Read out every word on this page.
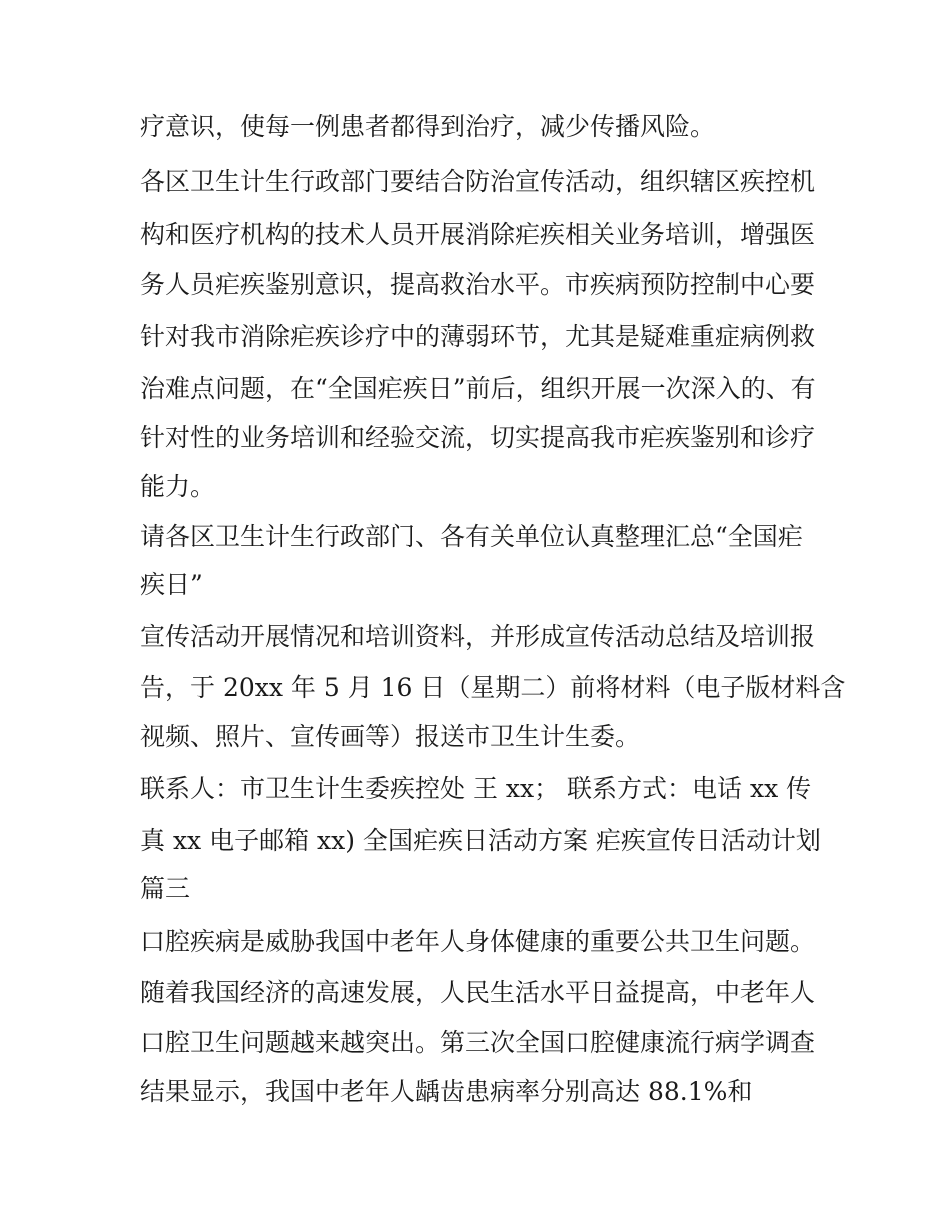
疗意识，使每一例患者都得到治疗，减少传播风险。

各区卫生计生行政部门要结合防治宣传活动，组织辖区疾控机

构和医疗机构的技术人员开展消除疟疾相关业务培训，增强医

务人员疟疾鉴别意识，提高救治水平。市疾病预防控制中心要

针对我市消除疟疾诊疗中的薄弱环节，尤其是疑难重症病例救

治难点问题，在“全国疟疾日”前后，组织开展一次深入的、有

针对性的业务培训和经验交流，切实提高我市疟疾鉴别和诊疗

能力。

请各区卫生计生行政部门、各有关单位认真整理汇总“全国疟

疾日”

宣传活动开展情况和培训资料，并形成宣传活动总结及培训报

告，于 20xx 年 5 月 16 日（星期二）前将材料（电子版材料含

视频、照片、宣传画等）报送市卫生计生委。

联系人：市卫生计生委疾控处 王 xx； 联系方式：电话 xx 传

真 xx 电子邮箱 xx) 全国疟疾日活动方案 疟疾宣传日活动计划

篇三

口腔疾病是威胁我国中老年人身体健康的重要公共卫生问题。

随着我国经济的高速发展，人民生活水平日益提高，中老年人

口腔卫生问题越来越突出。第三次全国口腔健康流行病学调查

结果显示，我国中老年人龋齿患病率分别高达 88.1%和
